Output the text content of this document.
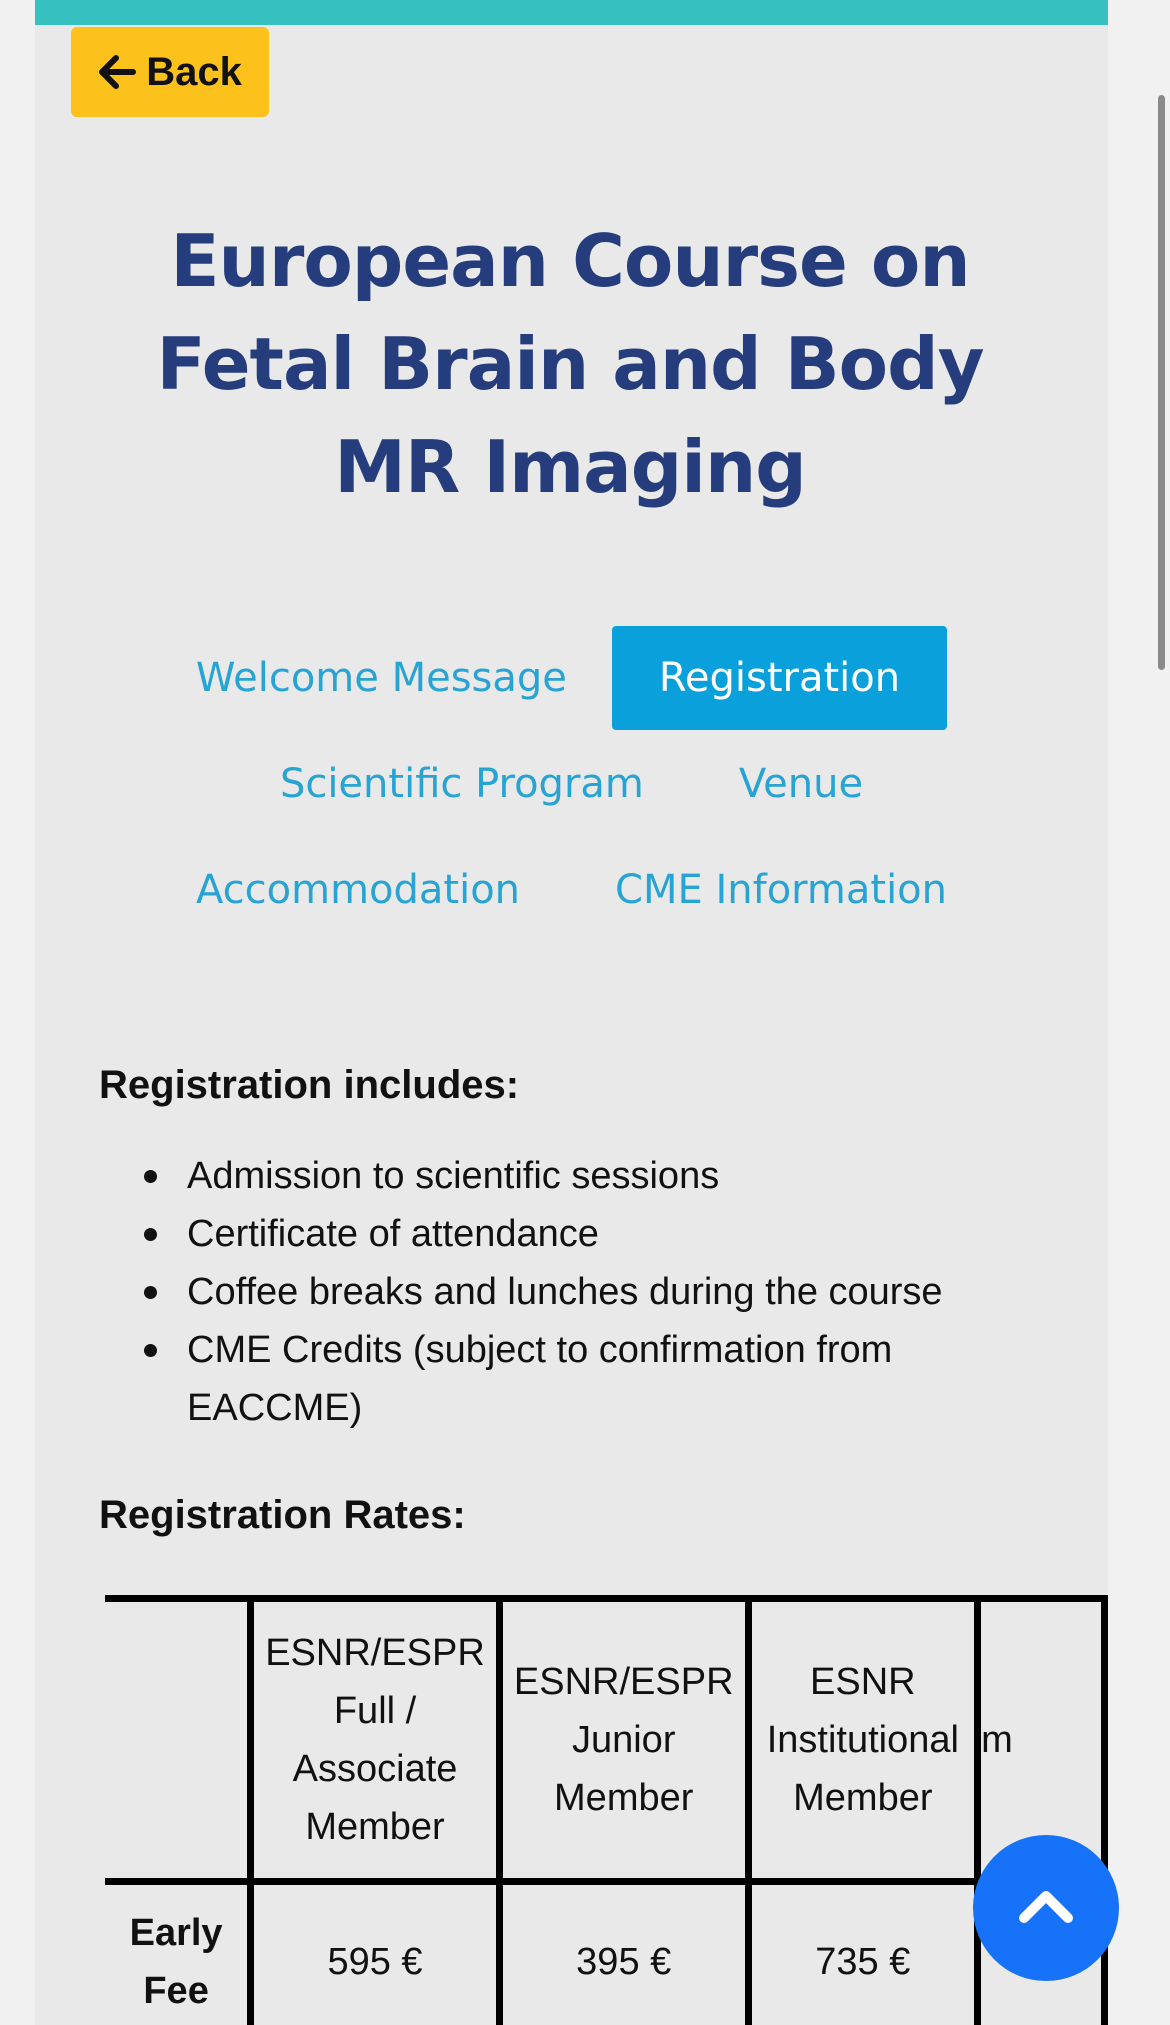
Back
European Course on Fetal Brain and Body MR Imaging
Welcome Message	Registration
Scientific Program Venue
Accommodation CME Information
Registration includes:
Admission to scientific sessions
Certificate of attendance
Coffee breaks and lunches during the course
CME Credits (subject to confirmation from EACCME)
Registration Rates:
	ESNR/ESPR Full / Associate Member	ESNR/ESPR Junior Member	ESNR Institutional Member	m
Early Fee	595 €	395 €	735 €	
